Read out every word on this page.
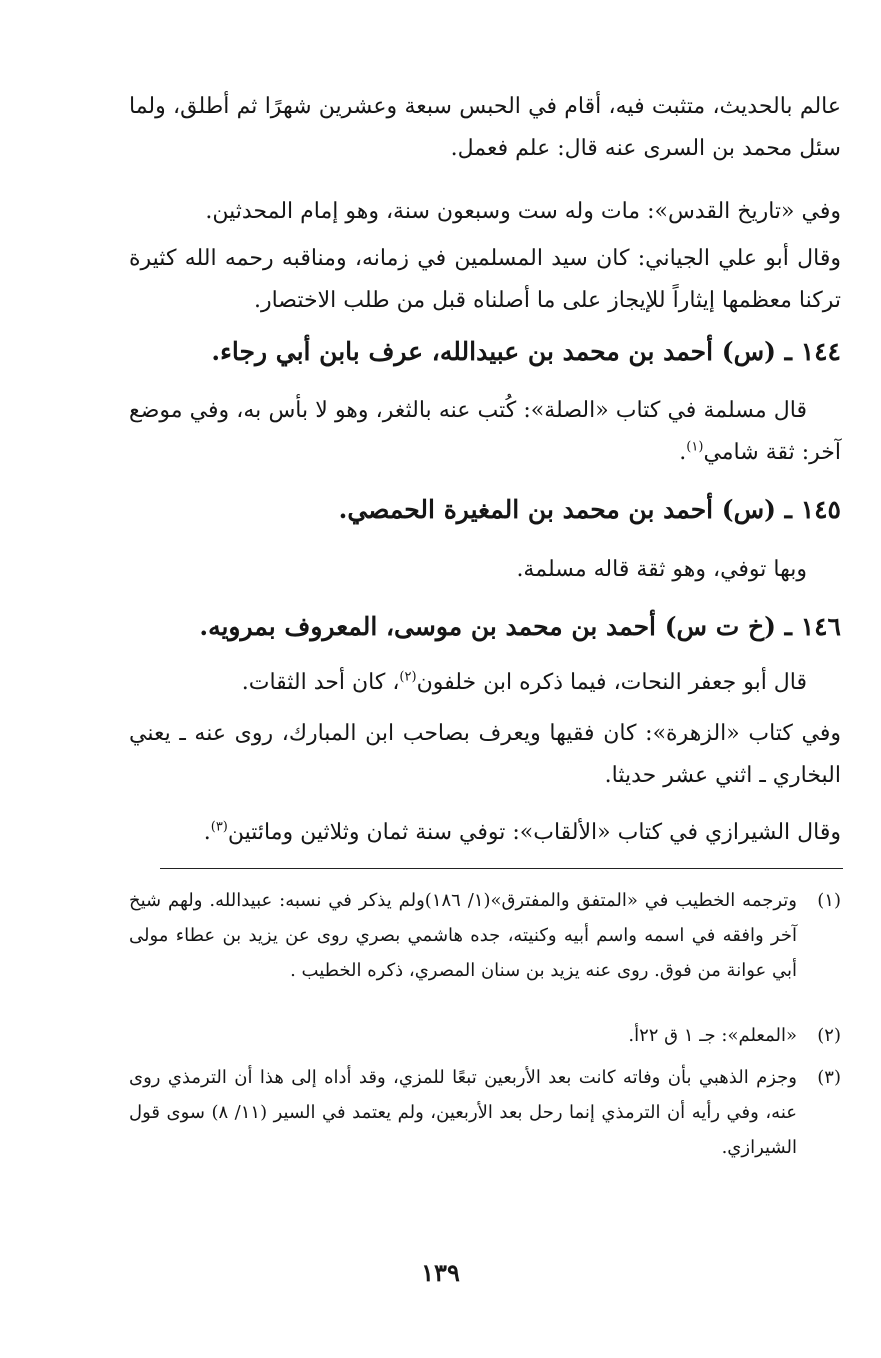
عالم بالحديث، متثبت فيه، أقام في الحبس سبعة وعشرين شهرًا ثم أطلق، ولما سئل محمد بن السرى عنه قال: علم فعمل.

وفي «تاريخ القدس»: مات وله ست وسبعون سنة، وهو إمام المحدثين.

وقال أبو علي الجياني: كان سيد المسلمين في زمانه، ومناقبه رحمه الله كثيرة تركنا معظمها إيثاراً للإيجاز على ما أصلناه قبل من طلب الاختصار.

١٤٤ ـ (س) أحمد بن محمد بن عبيدالله، عرف بابن أبي رجاء.

قال مسلمة في كتاب «الصلة»: كُتب عنه بالثغر، وهو لا بأس به، وفي موضع آخر: ثقة شامي$^{(١)}$.

١٤٥ ـ (س) أحمد بن محمد بن المغيرة الحمصي.

وبها توفي، وهو ثقة قاله مسلمة.

١٤٦ ـ (خ ت س) أحمد بن محمد بن موسى، المعروف بمرويه.

قال أبو جعفر النحات، فيما ذكره ابن خلفون$^{(٢)}$، كان أحد الثقات.

وفي كتاب «الزهرة»: كان فقيها ويعرف بصاحب ابن المبارك، روى عنه ـ يعني البخاري ـ اثني عشر حديثا.

وقال الشيرازي في كتاب «الألقاب»: توفي سنة ثمان وثلاثين ومائتين$^{(٣)}$.

(١)
وترجمه الخطيب في «المتفق والمفترق»(١/ ١٨٦)ولم يذكر في نسبه: عبيدالله. ولهم شيخ آخر وافقه في اسمه واسم أبيه وكنيته، جده هاشمي بصري روى عن يزيد بن عطاء مولى أبي عوانة من فوق. روى عنه يزيد بن سنان المصري، ذكره الخطيب .
(٢)
«المعلم»: جـ ١ ق ٢٢أ.
(٣)
وجزم الذهبي بأن وفاته كانت بعد الأربعين تبعًا للمزي، وقد أداه إلى هذا أن الترمذي روى عنه، وفي رأيه أن الترمذي إنما رحل بعد الأربعين، ولم يعتمد في السير (١١/ ٨) سوى قول الشيرازي.
١٣٩
